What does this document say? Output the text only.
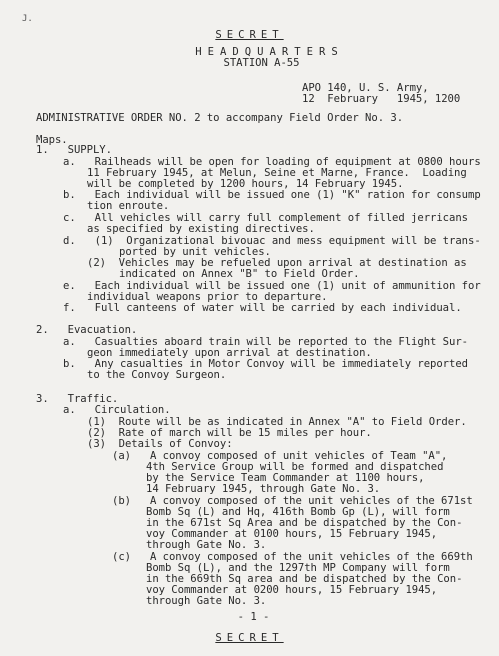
J.
SECRET
HEADQUARTERS
STATION A-55
APO 140, U. S. Army,
12  February   1945, 1200
ADMINISTRATIVE ORDER NO. 2 to accompany Field Order No. 3.
Maps.
1.   SUPPLY.
a.   Railheads will be open for loading of equipment at 0800 hours
11 February 1945, at Melun, Seine et Marne, France.  Loading
will be completed by 1200 hours, 14 February 1945.
b.   Each individual will be issued one (1) "K" ration for consump
tion enroute.
c.   All vehicles will carry full complement of filled jerricans
as specified by existing directives.
d.   (1)  Organizational bivouac and mess equipment will be trans-
ported by unit vehicles.
(2)  Vehicles may be refueled upon arrival at destination as
indicated on Annex "B" to Field Order.
e.   Each individual will be issued one (1) unit of ammunition for
individual weapons prior to departure.
f.   Full canteens of water will be carried by each individual.
2.   Evacuation.
a.   Casualties aboard train will be reported to the Flight Sur-
geon immediately upon arrival at destination.
b.   Any casualties in Motor Convoy will be immediately reported
to the Convoy Surgeon.
3.   Traffic.
a.   Circulation.
(1)  Route will be as indicated in Annex "A" to Field Order.
(2)  Rate of march will be 15 miles per hour.
(3)  Details of Convoy:
(a)   A convoy composed of unit vehicles of Team "A",
4th Service Group will be formed and dispatched
by the Service Team Commander at 1100 hours,
14 February 1945, through Gate No. 3.
(b)   A convoy composed of the unit vehicles of the 671st
Bomb Sq (L) and Hq, 416th Bomb Gp (L), will form
in the 671st Sq Area and be dispatched by the Con-
voy Commander at 0100 hours, 15 February 1945,
through Gate No. 3.
(c)   A convoy composed of the unit vehicles of the 669th
Bomb Sq (L), and the 1297th MP Company will form
in the 669th Sq area and be dispatched by the Con-
voy Commander at 0200 hours, 15 February 1945,
through Gate No. 3.
- 1 -
SECRET
